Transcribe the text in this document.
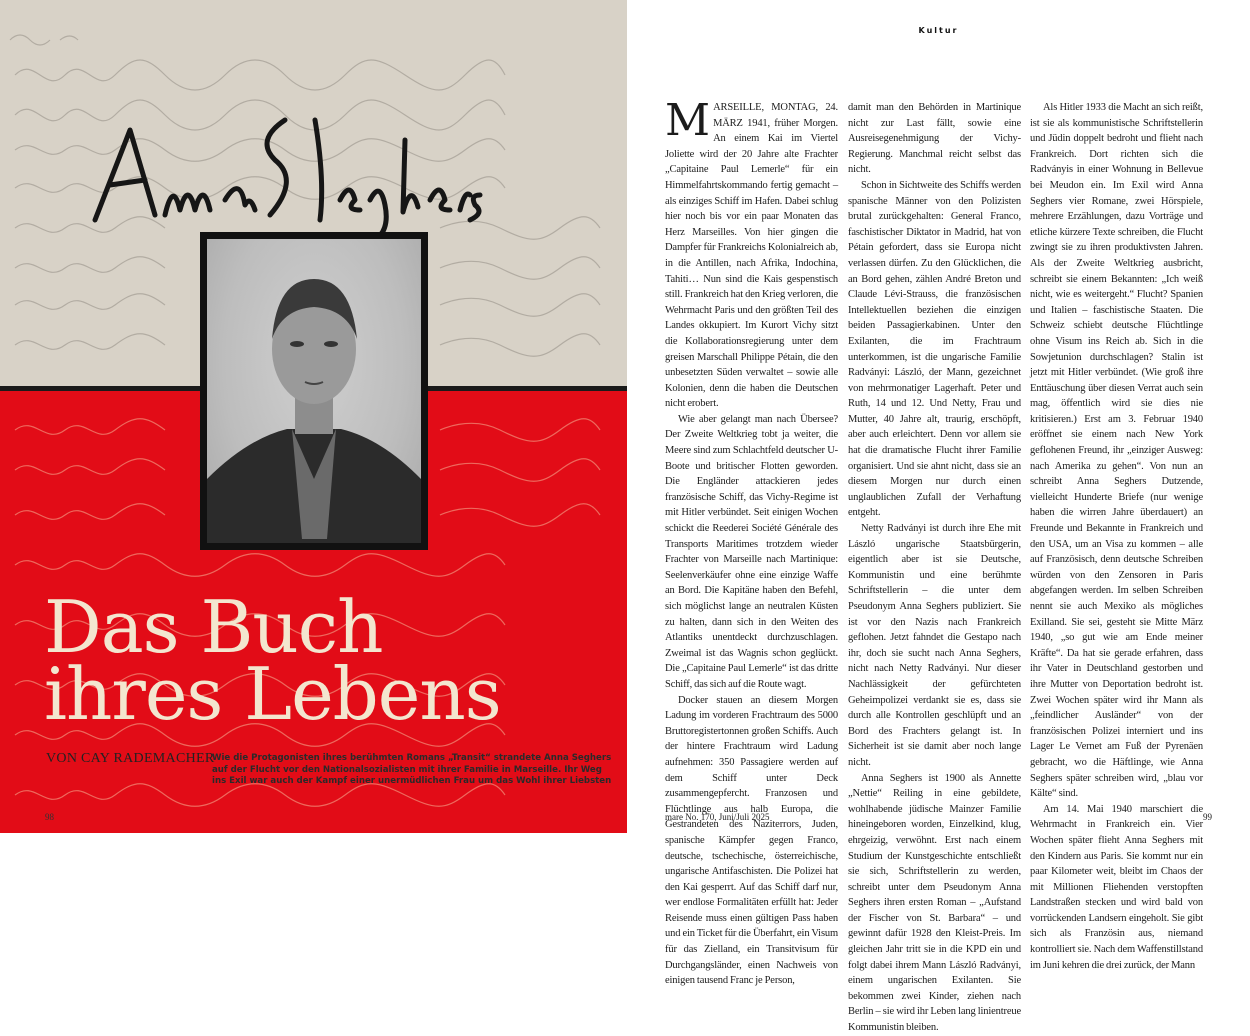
Das Buch
ihres Lebens
VON CAY RADEMACHER
Wie die Protagonisten ihres berühmten Romans „Transit“ strandete Anna Seghers auf der Flucht vor den Nationalsozialisten mit ihrer Familie in Marseille. Ihr Weg ins Exil war auch der Kampf einer unermüdlichen Frau um das Wohl ihrer Liebsten
98
Kultur

MARSEILLE, MONTAG, 24. MÄRZ 1941, früher Morgen. An einem Kai im Viertel Joliette wird der 20 Jahre alte Frachter „Capitaine Paul Lemerle“ für ein Himmelfahrtskommando fertig gemacht – als einziges Schiff im Hafen. Dabei schlug hier noch bis vor ein paar Monaten das Herz Marseilles. Von hier gingen die Dampfer für Frankreichs Kolonialreich ab, in die Antillen, nach Afrika, Indochina, Tahiti… Nun sind die Kais gespenstisch still. Frankreich hat den Krieg verloren, die Wehrmacht Paris und den größten Teil des Landes okkupiert. Im Kurort Vichy sitzt die Kollaborationsregierung unter dem greisen Marschall Philippe Pétain, die den unbesetzten Süden verwaltet – sowie alle Kolonien, denn die haben die Deutschen nicht erobert.

Wie aber gelangt man nach Übersee? Der Zweite Weltkrieg tobt ja weiter, die Meere sind zum Schlachtfeld deutscher U-Boote und britischer Flotten geworden. Die Engländer attackieren jedes französische Schiff, das Vichy-Regime ist mit Hitler verbündet. Seit einigen Wochen schickt die Reederei Société Générale des Transports Maritimes trotzdem wieder Frachter von Marseille nach Martinique: Seelenverkäufer ohne eine einzige Waffe an Bord. Die Kapitäne haben den Befehl, sich möglichst lange an neutralen Küsten zu halten, dann sich in den Weiten des Atlantiks unentdeckt durchzuschlagen. Zweimal ist das Wagnis schon geglückt. Die „Capitaine Paul Lemerle“ ist das dritte Schiff, das sich auf die Route wagt.

Docker stauen an diesem Morgen Ladung im vorderen Frachtraum des 5000 Bruttoregistertonnen großen Schiffs. Auch der hintere Frachtraum wird Ladung aufnehmen: 350 Passagiere werden auf dem Schiff unter Deck zusammengepfercht. Franzosen und Flüchtlinge aus halb Europa, die Gestrandeten des Naziterrors, Juden, spanische Kämpfer gegen Franco, deutsche, tschechische, österreichische, ungarische Antifaschisten. Die Polizei hat den Kai gesperrt. Auf das Schiff darf nur, wer endlose Formalitäten erfüllt hat: Jeder Reisende muss einen gültigen Pass haben und ein Ticket für die Überfahrt, ein Visum für das Zielland, ein Transitvisum für Durchgangsländer, einen Nachweis von einigen tausend Franc je Person,

damit man den Behörden in Martinique nicht zur Last fällt, sowie eine Ausreisegenehmigung der Vichy-Regierung. Manchmal reicht selbst das nicht.

Schon in Sichtweite des Schiffs werden spanische Männer von den Polizisten brutal zurückgehalten: General Franco, faschistischer Diktator in Madrid, hat von Pétain gefordert, dass sie Europa nicht verlassen dürfen. Zu den Glücklichen, die an Bord gehen, zählen André Breton und Claude Lévi-Strauss, die französischen Intellektuellen beziehen die einzigen beiden Passagierkabinen. Unter den Exilanten, die im Frachtraum unterkommen, ist die ungarische Familie Radványi: László, der Mann, gezeichnet von mehrmonatiger Lagerhaft. Peter und Ruth, 14 und 12. Und Netty, Frau und Mutter, 40 Jahre alt, traurig, erschöpft, aber auch erleichtert. Denn vor allem sie hat die dramatische Flucht ihrer Familie organisiert. Und sie ahnt nicht, dass sie an diesem Morgen nur durch einen unglaublichen Zufall der Verhaftung entgeht.

Netty Radványi ist durch ihre Ehe mit László ungarische Staatsbürgerin, eigentlich aber ist sie Deutsche, Kommunistin und eine berühmte Schriftstellerin – die unter dem Pseudonym Anna Seghers publiziert. Sie ist vor den Nazis nach Frankreich geflohen. Jetzt fahndet die Gestapo nach ihr, doch sie sucht nach Anna Seghers, nicht nach Netty Radványi. Nur dieser Nachlässigkeit der gefürchteten Geheimpolizei verdankt sie es, dass sie durch alle Kontrollen geschlüpft und an Bord des Frachters gelangt ist. In Sicherheit ist sie damit aber noch lange nicht.

Anna Seghers ist 1900 als Annette „Nettie“ Reiling in eine gebildete, wohlhabende jüdische Mainzer Familie hineingeboren worden, Einzelkind, klug, ehrgeizig, verwöhnt. Erst nach einem Studium der Kunstgeschichte entschließt sie sich, Schriftstellerin zu werden, schreibt unter dem Pseudonym Anna Seghers ihren ersten Roman – „Aufstand der Fischer von St. Barbara“ – und gewinnt dafür 1928 den Kleist-Preis. Im gleichen Jahr tritt sie in die KPD ein und folgt dabei ihrem Mann László Radványi, einem ungarischen Exilanten. Sie bekommen zwei Kinder, ziehen nach Berlin – sie wird ihr Leben lang linientreue Kommunistin bleiben.

Als Hitler 1933 die Macht an sich reißt, ist sie als kommunistische Schriftstellerin und Jüdin doppelt bedroht und flieht nach Frankreich. Dort richten sich die Radványis in einer Wohnung in Bellevue bei Meudon ein. Im Exil wird Anna Seghers vier Romane, zwei Hörspiele, mehrere Erzählungen, dazu Vorträge und etliche kürzere Texte schreiben, die Flucht zwingt sie zu ihren produktivsten Jahren. Als der Zweite Weltkrieg ausbricht, schreibt sie einem Bekannten: „Ich weiß nicht, wie es weitergeht.“ Flucht? Spanien und Italien – faschistische Staaten. Die Schweiz schiebt deutsche Flüchtlinge ohne Visum ins Reich ab. Sich in die Sowjetunion durchschlagen? Stalin ist jetzt mit Hitler verbündet. (Wie groß ihre Enttäuschung über diesen Verrat auch sein mag, öffentlich wird sie dies nie kritisieren.) Erst am 3. Februar 1940 eröffnet sie einem nach New York geflohenen Freund, ihr „einziger Ausweg: nach Amerika zu gehen“. Von nun an schreibt Anna Seghers Dutzende, vielleicht Hunderte Briefe (nur wenige haben die wirren Jahre überdauert) an Freunde und Bekannte in Frankreich und den USA, um an Visa zu kommen – alle auf Französisch, denn deutsche Schreiben würden von den Zensoren in Paris abgefangen werden. Im selben Schreiben nennt sie auch Mexiko als mögliches Exilland. Sie sei, gesteht sie Mitte März 1940, „so gut wie am Ende meiner Kräfte“. Da hat sie gerade erfahren, dass ihr Vater in Deutschland gestorben und ihre Mutter von Deportation bedroht ist. Zwei Wochen später wird ihr Mann als „feindlicher Ausländer“ von der französischen Polizei interniert und ins Lager Le Vernet am Fuß der Pyrenäen gebracht, wo die Häftlinge, wie Anna Seghers später schreiben wird, „blau vor Kälte“ sind.

Am 14. Mai 1940 marschiert die Wehrmacht in Frankreich ein. Vier Wochen später flieht Anna Seghers mit den Kindern aus Paris. Sie kommt nur ein paar Kilometer weit, bleibt im Chaos der mit Millionen Fliehenden verstopften Landstraßen stecken und wird bald von vorrückenden Landsern eingeholt. Sie gibt sich als Französin aus, niemand kontrolliert sie. Nach dem Waffenstillstand im Juni kehren die drei zurück, der Mann

mare No. 170, Juni/Juli 2025	99
